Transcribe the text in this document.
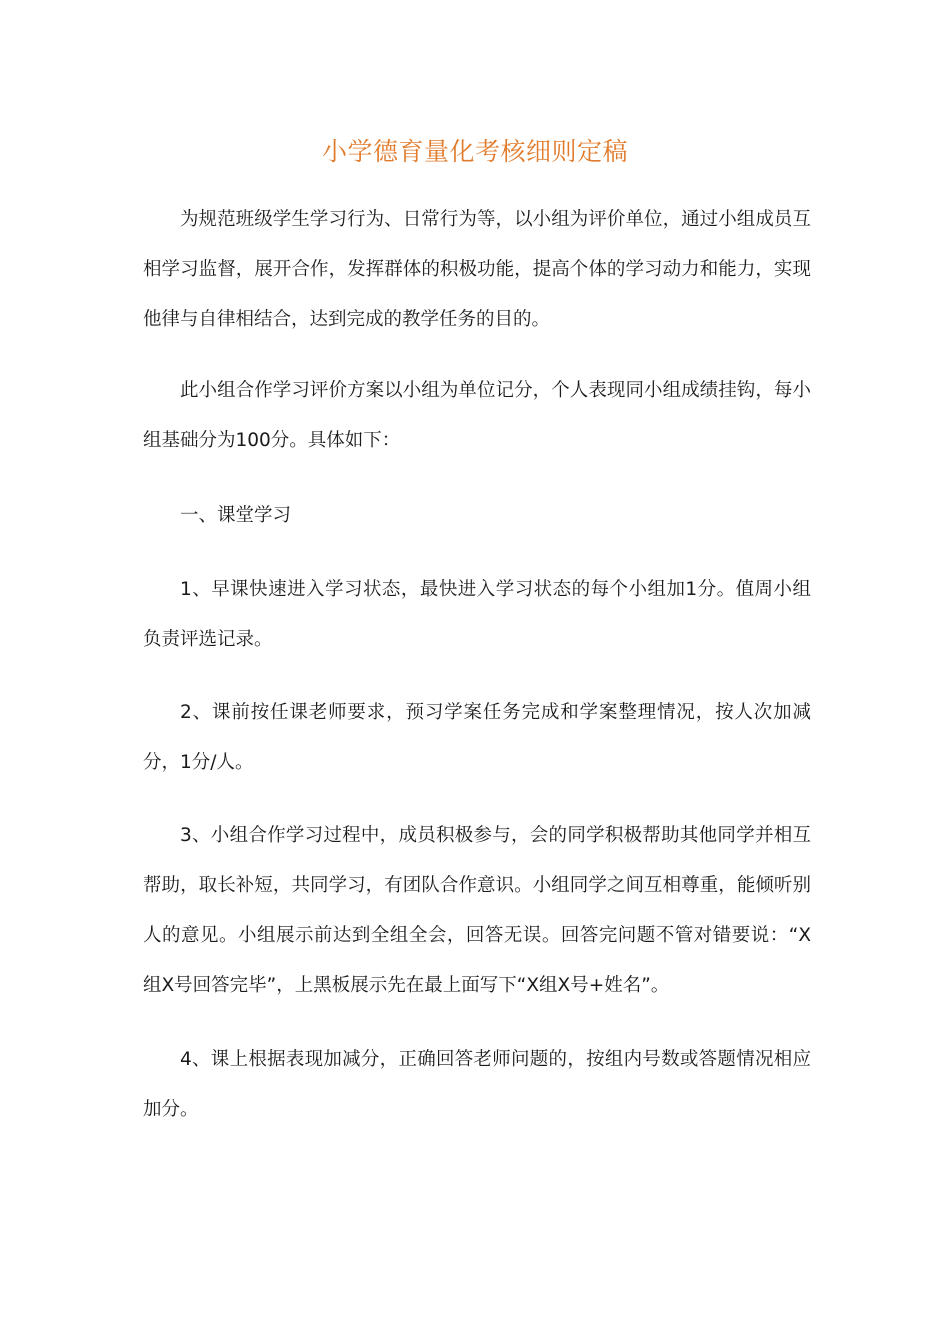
小学德育量化考核细则定稿

为规范班级学生学习行为、日常行为等，以小组为评价单位，通过小组成员互相学习监督，展开合作，发挥群体的积极功能，提高个体的学习动力和能力，实现他律与自律相结合，达到完成的教学任务的目的。

此小组合作学习评价方案以小组为单位记分，个人表现同小组成绩挂钩，每小组基础分为100分。具体如下：

一、课堂学习

1、早课快速进入学习状态，最快进入学习状态的每个小组加1分。值周小组负责评选记录。

2、课前按任课老师要求，预习学案任务完成和学案整理情况，按人次加减分，1分/人。

3、小组合作学习过程中，成员积极参与，会的同学积极帮助其他同学并相互帮助，取长补短，共同学习，有团队合作意识。小组同学之间互相尊重，能倾听别人的意见。小组展示前达到全组全会，回答无误。回答完问题不管对错要说：“X组X号回答完毕”，上黑板展示先在最上面写下“X组X号+姓名”。

4、课上根据表现加减分，正确回答老师问题的，按组内号数或答题情况相应加分。
